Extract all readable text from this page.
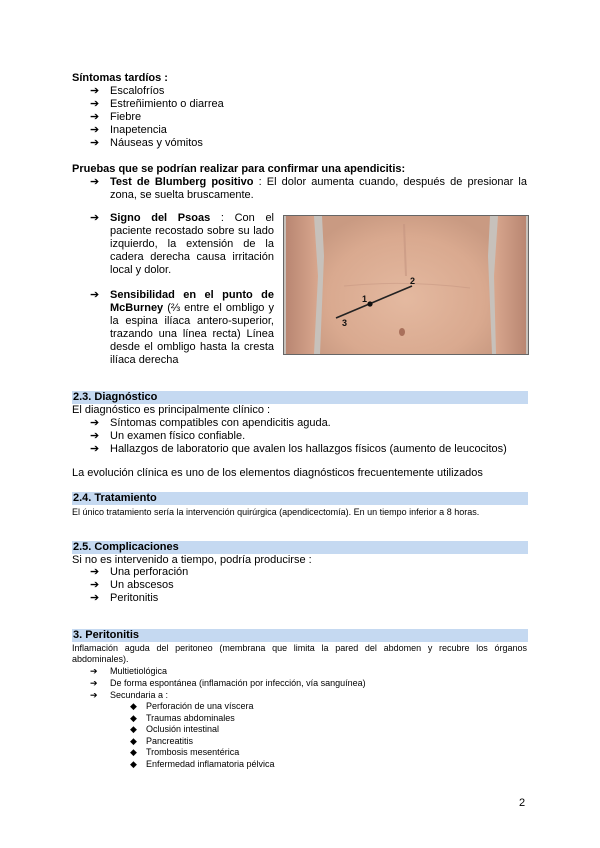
Síntomas tardíos :
➔ Escalofríos
➔ Estreñimiento o diarrea
➔ Fiebre
➔ Inapetencia
➔ Náuseas y vómitos
Pruebas que se podrían realizar para confirmar una apendicitis:
➔ Test de Blumberg positivo : El dolor aumenta cuando, después de presionar la zona, se suelta bruscamente.
➔ Signo del Psoas : Con el paciente recostado sobre su lado izquierdo, la extensión de la cadera derecha causa irritación local y dolor.
➔ Sensibilidad en el punto de McBurney (⅔ entre el ombligo y la espina ilíaca antero-superior, trazando una línea recta) Línea desde el ombligo hasta la cresta ilíaca derecha
1
2
3
2.3. Diagnóstico
El diagnóstico es principalmente clínico :
➔ Síntomas compatibles con apendicitis aguda.
➔ Un examen físico confiable.
➔ Hallazgos de laboratorio que avalen los hallazgos físicos (aumento de leucocitos)
La evolución clínica es uno de los elementos diagnósticos frecuentemente utilizados
2.4. Tratamiento
El único tratamiento sería la intervención quirúrgica (apendicectomía). En un tiempo inferior a 8 horas.
2.5. Complicaciones
Si no es intervenido a tiempo, podría producirse :
➔ Una perforación
➔ Un abscesos
➔ Peritonitis
3. Peritonitis
Inflamación aguda del peritoneo (membrana que limita la pared del abdomen y recubre los órganos abdominales).
➔ Multietiológica
➔ De forma espontánea (inflamación por infección, vía sanguínea)
➔ Secundaria a :
◆ Perforación de una víscera
◆ Traumas abdominales
◆ Oclusión intestinal
◆ Pancreatitis
◆ Trombosis mesentérica
◆ Enfermedad inflamatoria pélvica
2
